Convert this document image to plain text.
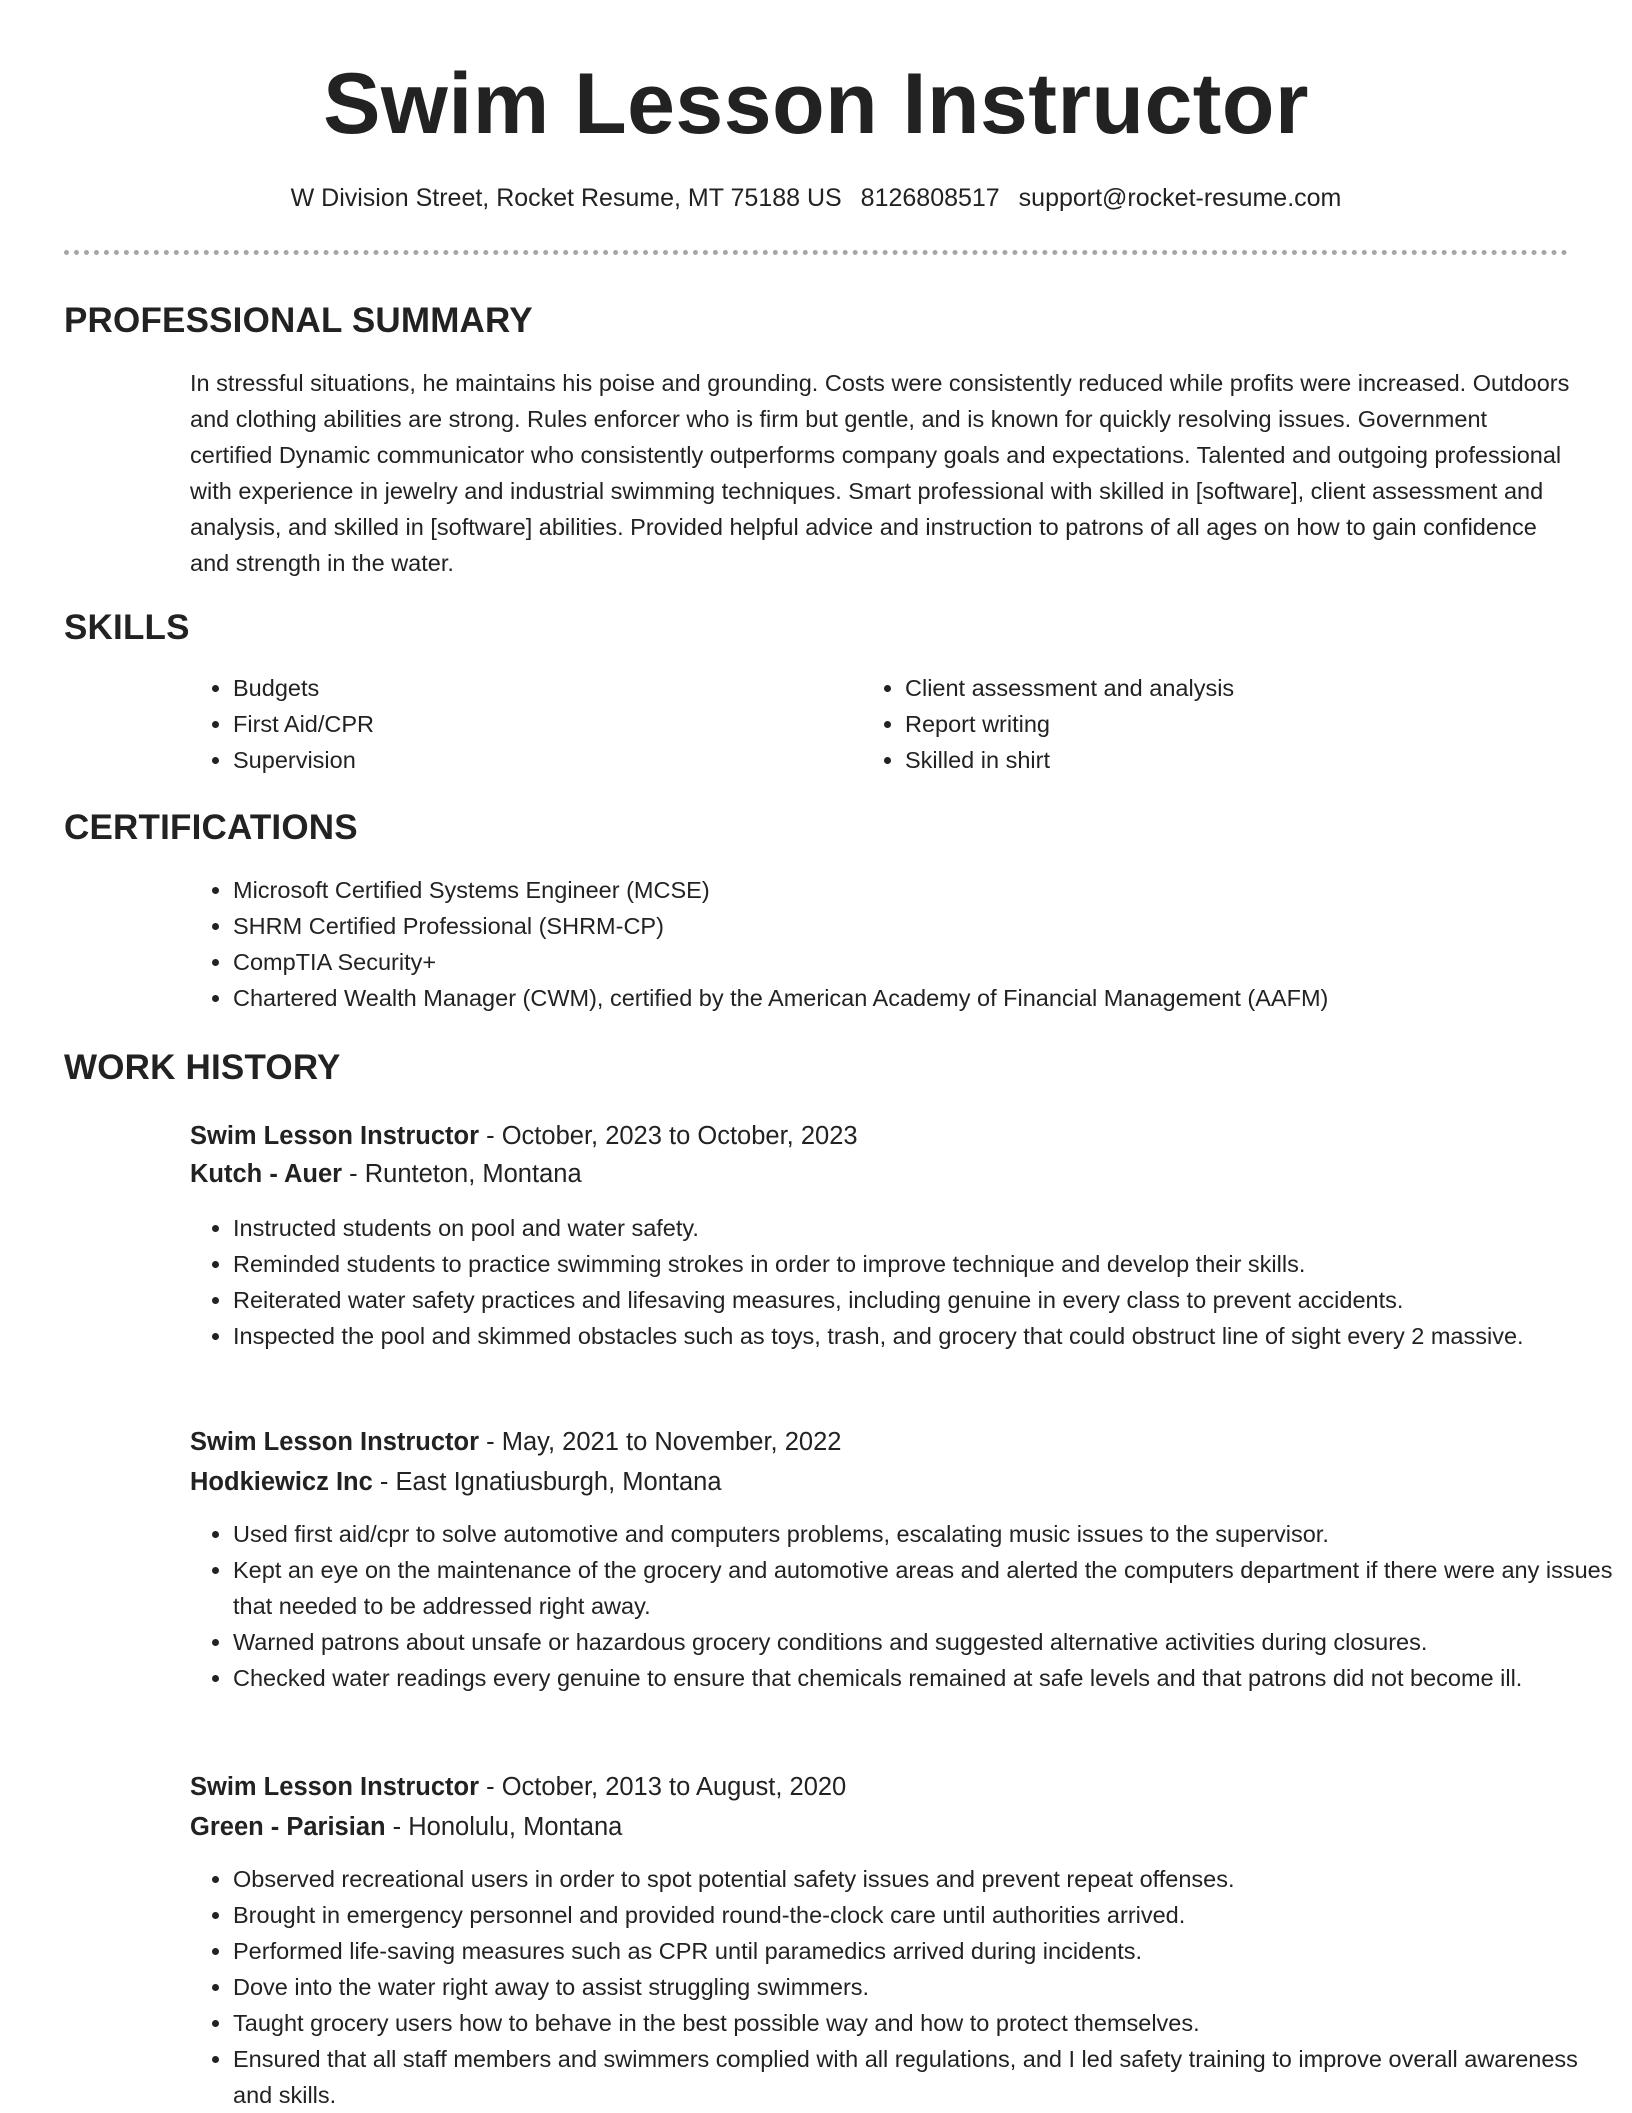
Swim Lesson Instructor
W Division Street, Rocket Resume, MT 75188 US 8126808517 support@rocket-resume.com
PROFESSIONAL SUMMARY

In stressful situations, he maintains his poise and grounding. Costs were consistently reduced while profits were increased. Outdoors and clothing abilities are strong. Rules enforcer who is firm but gentle, and is known for quickly resolving issues. Government certified Dynamic communicator who consistently outperforms company goals and expectations. Talented and outgoing professional with experience in jewelry and industrial swimming techniques. Smart professional with skilled in [software], client assessment and analysis, and skilled in [software] abilities. Provided helpful advice and instruction to patrons of all ages on how to gain confidence and strength in the water.

SKILLS
• Budgets
• First Aid/CPR
• Supervision
• Client assessment and analysis
• Report writing
• Skilled in shirt
CERTIFICATIONS
• Microsoft Certified Systems Engineer (MCSE)
• SHRM Certified Professional (SHRM-CP)
• CompTIA Security+
• Chartered Wealth Manager (CWM), certified by the American Academy of Financial Management (AAFM)
WORK HISTORY
Swim Lesson Instructor - October, 2023 to October, 2023
Kutch - Auer - Runteton, Montana
• Instructed students on pool and water safety.
• Reminded students to practice swimming strokes in order to improve technique and develop their skills.
• Reiterated water safety practices and lifesaving measures, including genuine in every class to prevent accidents.
• Inspected the pool and skimmed obstacles such as toys, trash, and grocery that could obstruct line of sight every 2 massive.
Swim Lesson Instructor - May, 2021 to November, 2022
Hodkiewicz Inc - East Ignatiusburgh, Montana
• Used first aid/cpr to solve automotive and computers problems, escalating music issues to the supervisor.
• Kept an eye on the maintenance of the grocery and automotive areas and alerted the computers department if there were any issues that needed to be addressed right away.
• Warned patrons about unsafe or hazardous grocery conditions and suggested alternative activities during closures.
• Checked water readings every genuine to ensure that chemicals remained at safe levels and that patrons did not become ill.
Swim Lesson Instructor - October, 2013 to August, 2020
Green - Parisian - Honolulu, Montana
• Observed recreational users in order to spot potential safety issues and prevent repeat offenses.
• Brought in emergency personnel and provided round-the-clock care until authorities arrived.
• Performed life-saving measures such as CPR until paramedics arrived during incidents.
• Dove into the water right away to assist struggling swimmers.
• Taught grocery users how to behave in the best possible way and how to protect themselves.
• Ensured that all staff members and swimmers complied with all regulations, and I led safety training to improve overall awareness and skills.
